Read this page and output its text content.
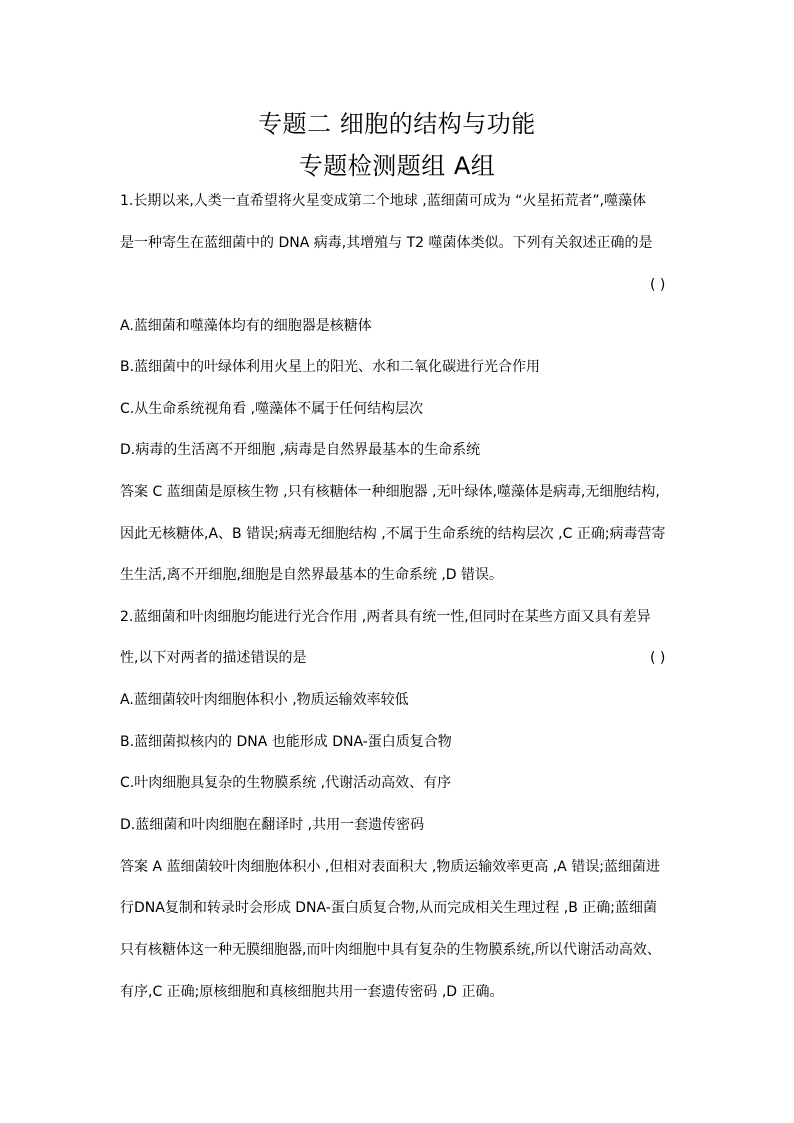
专题二 细胞的结构与功能
专题检测题组 A组
1.长期以来,人类一直希望将火星变成第二个地球 ,蓝细菌可成为 “火星拓荒者”,噬藻体
是一种寄生在蓝细菌中的 DNA 病毒,其增殖与 T2 噬菌体类似。下列有关叙述正确的是
( )
A.蓝细菌和噬藻体均有的细胞器是核糖体
B.蓝细菌中的叶绿体利用火星上的阳光、水和二氧化碳进行光合作用
C.从生命系统视角看 ,噬藻体不属于任何结构层次
D.病毒的生活离不开细胞 ,病毒是自然界最基本的生命系统
答案 C 蓝细菌是原核生物 ,只有核糖体一种细胞器 ,无叶绿体,噬藻体是病毒,无细胞结构,
因此无核糖体,A、B 错误;病毒无细胞结构 ,不属于生命系统的结构层次 ,C 正确;病毒营寄
生生活,离不开细胞,细胞是自然界最基本的生命系统 ,D 错误。
2.蓝细菌和叶肉细胞均能进行光合作用 ,两者具有统一性,但同时在某些方面又具有差异
性,以下对两者的描述错误的是	( )
A.蓝细菌较叶肉细胞体积小 ,物质运输效率较低
B.蓝细菌拟核内的 DNA 也能形成 DNA-蛋白质复合物
C.叶肉细胞具复杂的生物膜系统 ,代谢活动高效、有序
D.蓝细菌和叶肉细胞在翻译时 ,共用一套遗传密码
答案 A 蓝细菌较叶肉细胞体积小 ,但相对表面积大 ,物质运输效率更高 ,A 错误;蓝细菌进
行DNA复制和转录时会形成 DNA-蛋白质复合物,从而完成相关生理过程 ,B 正确;蓝细菌
只有核糖体这一种无膜细胞器,而叶肉细胞中具有复杂的生物膜系统,所以代谢活动高效、
有序,C 正确;原核细胞和真核细胞共用一套遗传密码 ,D 正确。
